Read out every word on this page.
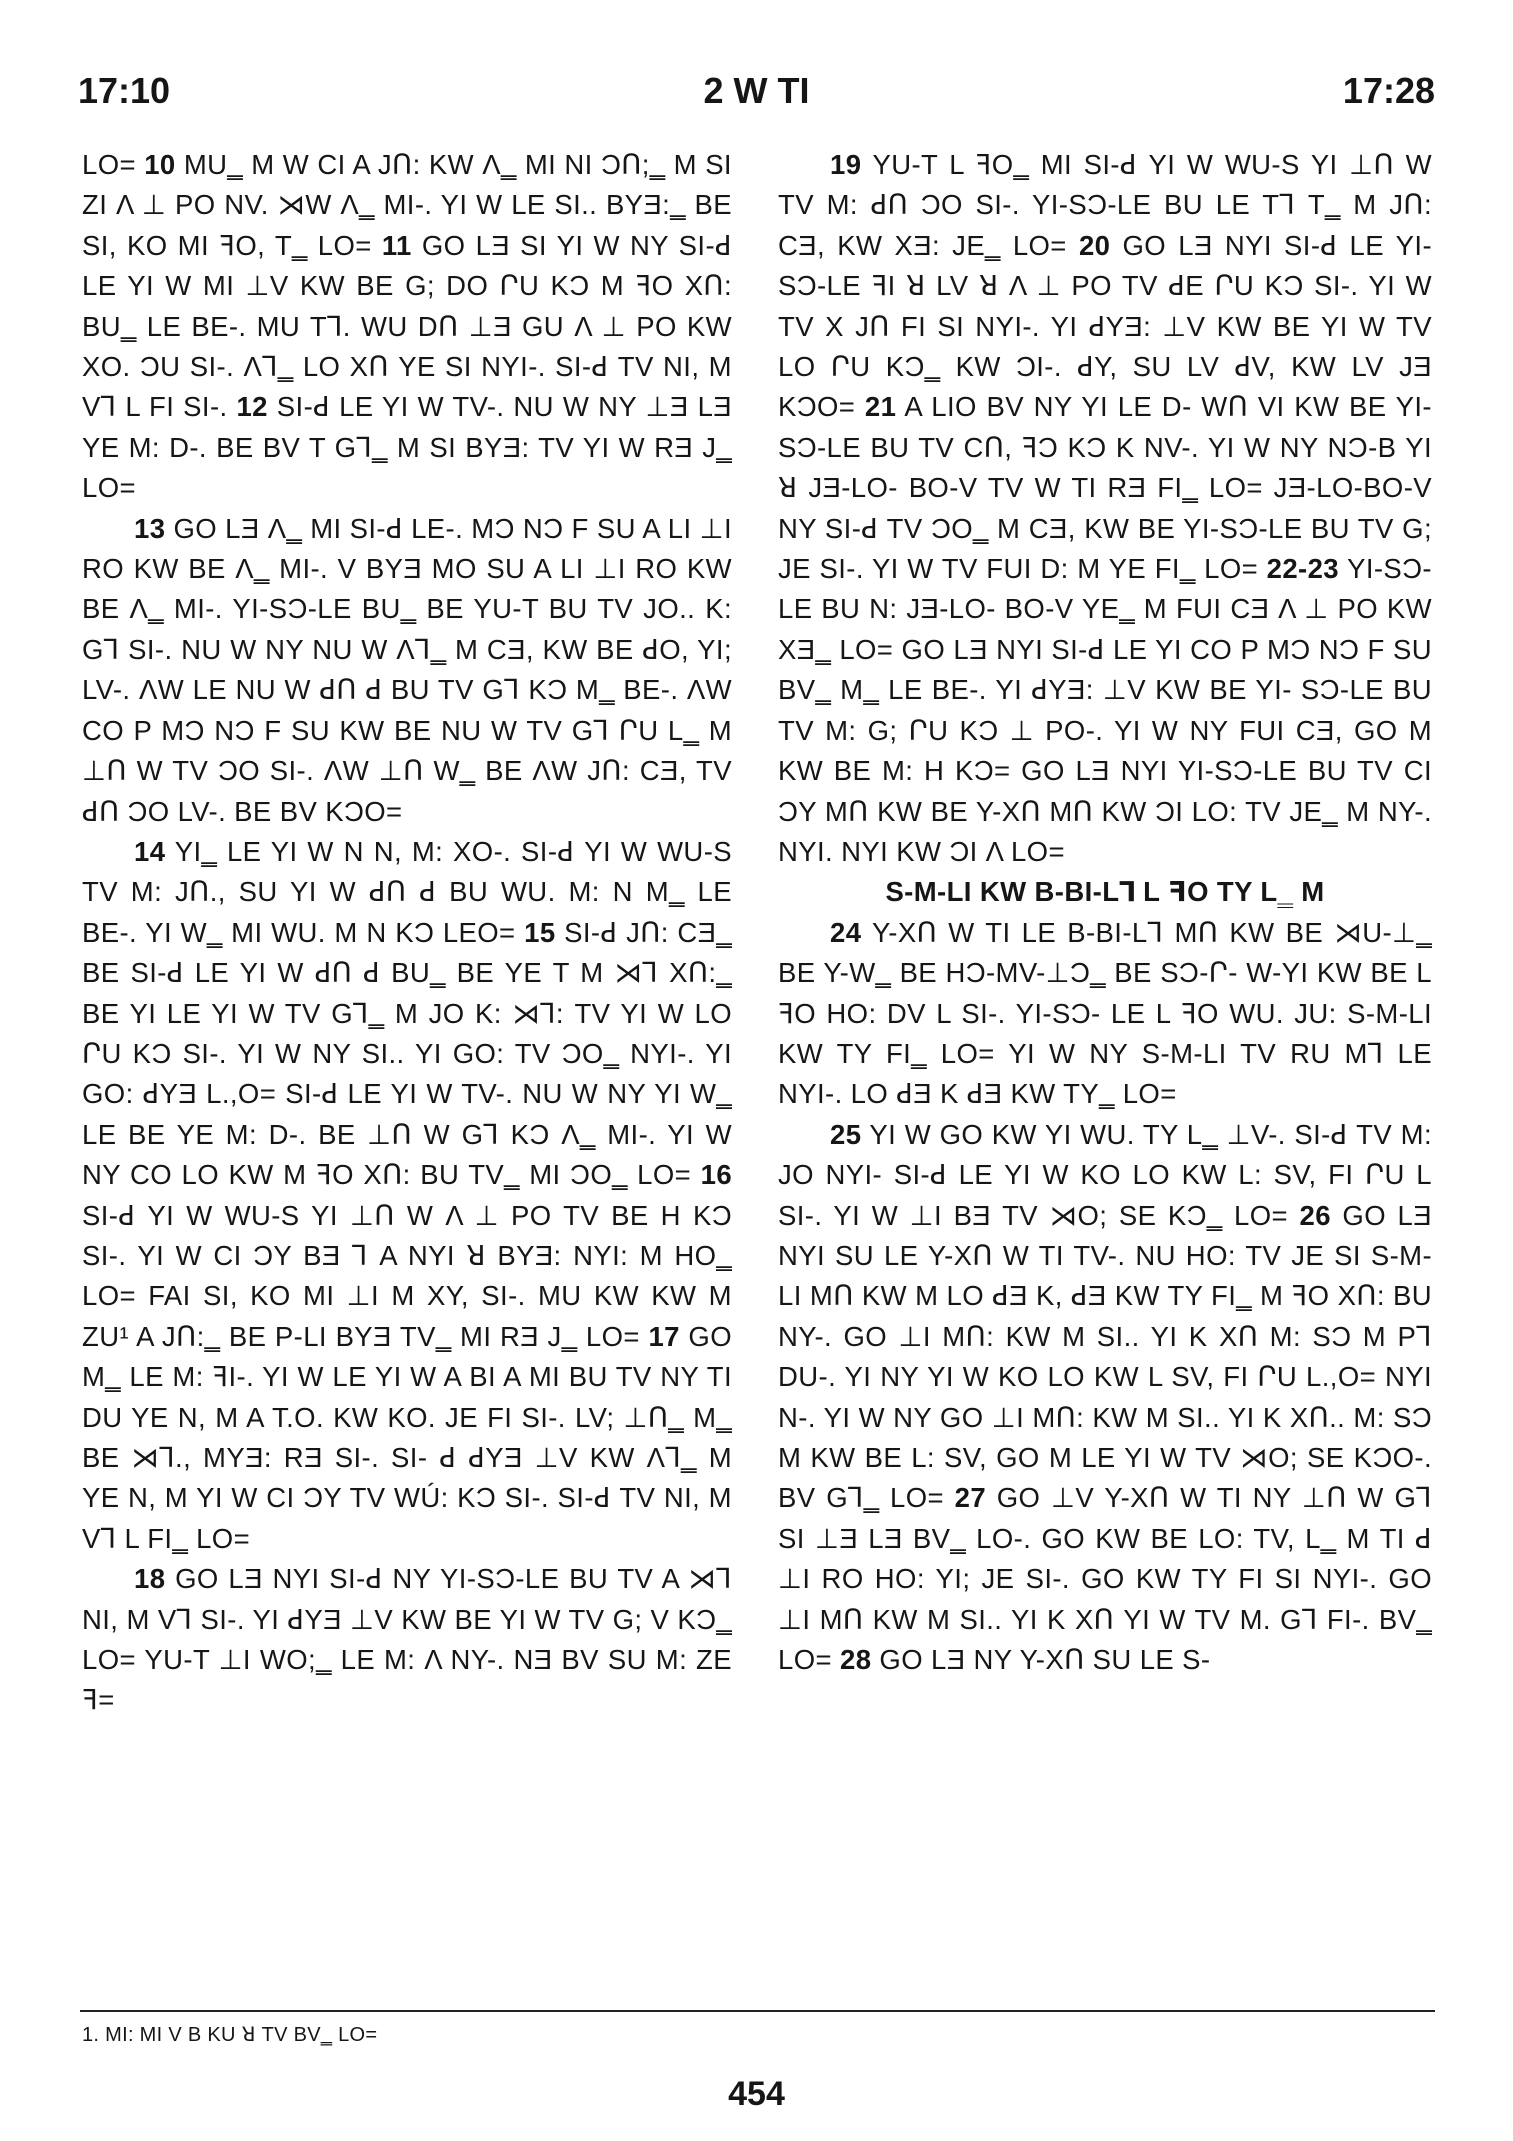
17:10	2 W TI	17:28

LO= 10 MU‗ M W CI A JՈ: KW Λ‗ MI NI ƆՈ;‗ M SI ZI Λ ⊥ PO NV. ⋊W Λ‗ MI-. YI W LE SI.. BYƎ:‗ BE SI, KO MI ꟻO, T‗ LO= 11 GO LƎ SI YI W NY SI-ꓒ LE YI W MI ⊥V KW BE G; DO ՐU KƆ M ꟻO XՈ: BU‗ LE BE-. MU Tꓶ. WU DՈ ⊥Ǝ GU Λ ⊥ PO KW XO. ƆU SI-. Λꓶ‗ LO XՈ YE SI NYI-. SI-ꓒ TV NI, M Vꓶ L FI SI-. 12 SI-ꓒ LE YI W TV-. NU W NY ⊥Ǝ LƎ YE M: D-. BE BV T Gꓶ‗ M SI BYƎ: TV YI W RƎ J‗ LO=

13 GO LƎ Λ‗ MI SI-ꓒ LE-. MƆ NƆ F SU A LI ⊥I RO KW BE Λ‗ MI-. V BYƎ MO SU A LI ⊥I RO KW BE Λ‗ MI-. YI-SƆ-LE BU‗ BE YU-T BU TV JO.. K: Gꓶ SI-. NU W NY NU W Λꓶ‗ M CƎ, KW BE ꓒO, YI; LV-. ΛW LE NU W ꓒՈ ꓒ BU TV Gꓶ KƆ M‗ BE-. ΛW CO P MƆ NƆ F SU KW BE NU W TV Gꓶ ՐU L‗ M ⊥Ո W TV ƆO SI-. ΛW ⊥Ո W‗ BE ΛW JՈ: CƎ, TV ꓒՈ ƆO LV-. BE BV KƆO=

14 YI‗ LE YI W N N, M: XO-. SI-ꓒ YI W WU-S TV M: JՈ., SU YI W ꓒՈ ꓒ BU WU. M: N M‗ LE BE-. YI W‗ MI WU. M N KƆ LEO= 15 SI-ꓒ JՈ: CƎ‗ BE SI-ꓒ LE YI W ꓒՈ ꓒ BU‗ BE YE T M ⋊ꓶ XՈ:‗ BE YI LE YI W TV Gꓶ‗ M JO K: ⋊ꓶ: TV YI W LO ՐU KƆ SI-. YI W NY SI.. YI GO: TV ƆO‗ NYI-. YI GO: ꓒYƎ L.,O= SI-ꓒ LE YI W TV-. NU W NY YI W‗ LE BE YE M: D-. BE ⊥Ո W Gꓶ KƆ Λ‗ MI-. YI W NY CO LO KW M ꟻO XՈ: BU TV‗ MI ƆO‗ LO= 16 SI-ꓒ YI W WU-S YI ⊥Ո W Λ ⊥ PO TV BE H KƆ SI-. YI W CI ƆY BƎ ꓶ A NYI ꓤ BYƎ: NYI: M HO‗ LO= FAI SI, KO MI ⊥I M XY, SI-. MU KW KW M ZU¹ A JՈ:‗ BE P-LI BYƎ TV‗ MI RƎ J‗ LO= 17 GO M‗ LE M: ꟻI-. YI W LE YI W A BI A MI BU TV NY TI DU YE N, M A T.O. KW KO. JE FI SI-. LV; ⊥Ո‗ M‗ BE ⋊ꓶ., MYƎ: RƎ SI-. SI- ꓒ ꓒYƎ ⊥V KW Λꓶ‗ M YE N, M YI W CI ƆY TV WÚ: KƆ SI-. SI-ꓒ TV NI, M Vꓶ L FI‗ LO=

18 GO LƎ NYI SI-ꓒ NY YI-SƆ-LE BU TV A ⋊ꓶ NI, M Vꓶ SI-. YI ꓒYƎ ⊥V KW BE YI W TV G; V KƆ‗ LO= YU-T ⊥I WO;‗ LE M: Λ NY-. NƎ BV SU M: ZE ꟻ=

19 YU-T L ꟻO‗ MI SI-ꓒ YI W WU-S YI ⊥Ո W TV M: ꓒՈ ƆO SI-. YI-SƆ-LE BU LE Tꓶ T‗ M JՈ: CƎ, KW XƎ: JE‗ LO= 20 GO LƎ NYI SI-ꓒ LE YI-SƆ-LE ꟻI ꓤ LV ꓤ Λ ⊥ PO TV ꓒE ՐU KƆ SI-. YI W TV X JՈ FI SI NYI-. YI ꓒYƎ: ⊥V KW BE YI W TV LO ՐU KƆ‗ KW ƆI-. ꓒY, SU LV ꓒV, KW LV JƎ KƆO= 21 A LIO BV NY YI LE D- WՈ VI KW BE YI-SƆ-LE BU TV CՈ, ꟻƆ KƆ K NV-. YI W NY NƆ-B YI ꓤ JƎ-LO- BO-V TV W TI RƎ FI‗ LO= JƎ-LO-BO-V NY SI-ꓒ TV ƆO‗ M CƎ, KW BE YI-SƆ-LE BU TV G; JE SI-. YI W TV FUI D: M YE FI‗ LO= 22-23 YI-SƆ-LE BU N: JƎ-LO- BO-V YE‗ M FUI CƎ Λ ⊥ PO KW XƎ‗ LO= GO LƎ NYI SI-ꓒ LE YI CO P MƆ NƆ F SU BV‗ M‗ LE BE-. YI ꓒYƎ: ⊥V KW BE YI- SƆ-LE BU TV M: G; ՐU KƆ ⊥ PO-. YI W NY FUI CƎ, GO M KW BE M: H KƆ= GO LƎ NYI YI-SƆ-LE BU TV CI ƆY MՈ KW BE Y-XՈ MՈ KW ƆI LO: TV JE‗ M NY-. NYI. NYI KW ƆI Λ LO=

S-M-LI KW B-BI-Lꓶ L ꟻO TY L‗ M

24 Y-XՈ W TI LE B-BI-Lꓶ MՈ KW BE ⋊U-⊥‗ BE Y-W‗ BE HƆ-MV-⊥Ɔ‗ BE SƆ-Ր- W-YI KW BE L ꟻO HO: DV L SI-. YI-SƆ- LE L ꟻO WU. JU: S-M-LI KW TY FI‗ LO= YI W NY S-M-LI TV RU Mꓶ LE NYI-. LO ꓒƎ K ꓒƎ KW TY‗ LO=

25 YI W GO KW YI WU. TY L‗ ⊥V-. SI-ꓒ TV M: JO NYI- SI-ꓒ LE YI W KO LO KW L: SV, FI ՐU L SI-. YI W ⊥I BƎ TV ⋊O; SE KƆ‗ LO= 26 GO LƎ NYI SU LE Y-XՈ W TI TV-. NU HO: TV JE SI S-M-LI MՈ KW M LO ꓒƎ K, ꓒƎ KW TY FI‗ M ꟻO XՈ: BU NY-. GO ⊥I MՈ: KW M SI.. YI K XՈ M: SƆ M Pꓶ DU-. YI NY YI W KO LO KW L SV, FI ՐU L.,O= NYI N-. YI W NY GO ⊥I MՈ: KW M SI.. YI K XՈ.. M: SƆ M KW BE L: SV, GO M LE YI W TV ⋊O; SE KƆO-. BV Gꓶ‗ LO= 27 GO ⊥V Y-XՈ W TI NY ⊥Ո W Gꓶ SI ⊥Ǝ LƎ BV‗ LO-. GO KW BE LO: TV, L‗ M TI ꓒ ⊥I RO HO: YI; JE SI-. GO KW TY FI SI NYI-. GO ⊥I MՈ KW M SI.. YI K XՈ YI W TV M. Gꓶ FI-. BV‗ LO= 28 GO LƎ NY Y-XՈ SU LE S-

1. MI: MI V B KU ꓤ TV BV‗ LO=
454
